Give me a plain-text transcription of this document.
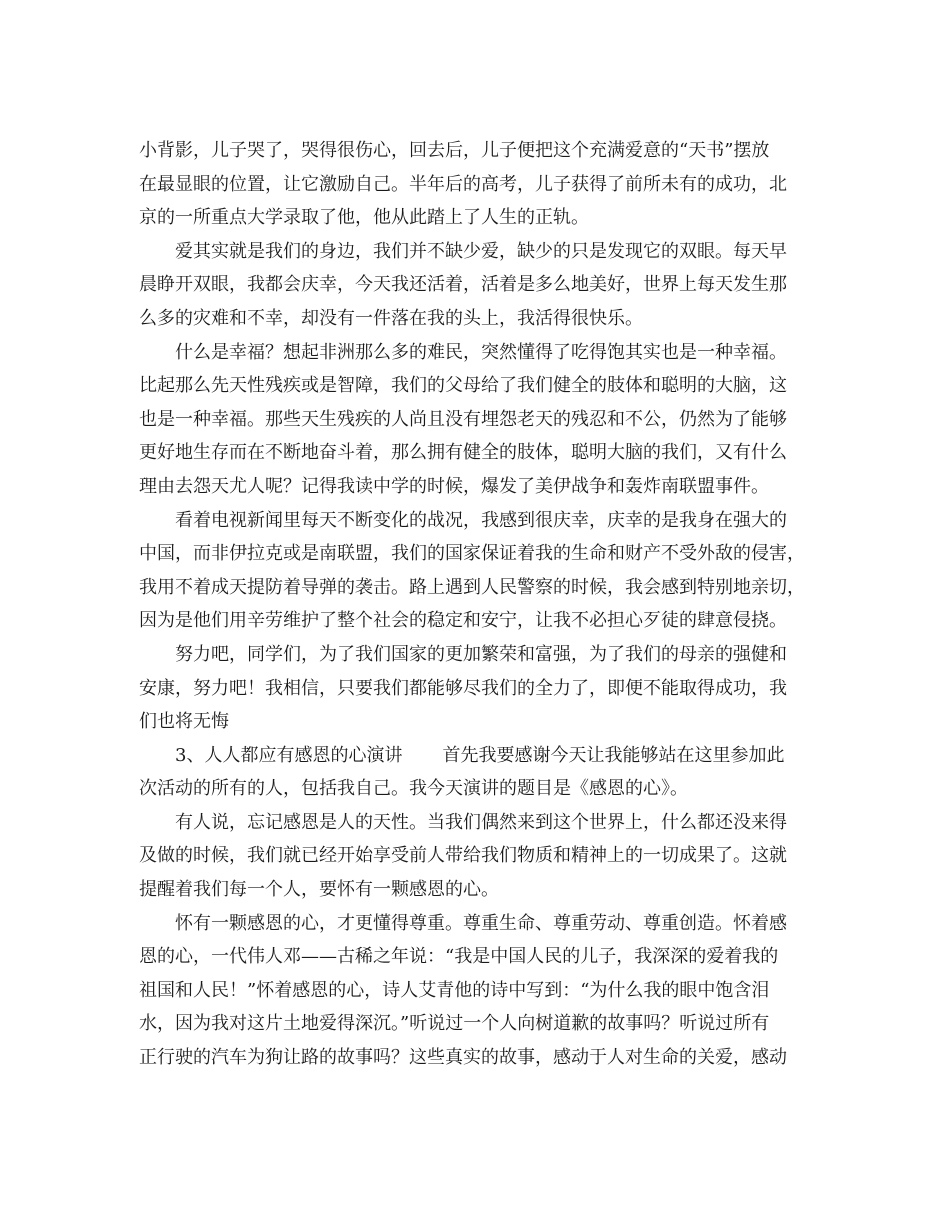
小背影，儿子哭了，哭得很伤心，回去后，儿子便把这个充满爱意的“天书”摆放
在最显眼的位置，让它激励自己。半年后的高考，儿子获得了前所未有的成功，北
京的一所重点大学录取了他，他从此踏上了人生的正轨。

爱其实就是我们的身边，我们并不缺少爱，缺少的只是发现它的双眼。每天早
晨睁开双眼，我都会庆幸，今天我还活着，活着是多么地美好，世界上每天发生那
么多的灾难和不幸，却没有一件落在我的头上，我活得很快乐。

什么是幸福？想起非洲那么多的难民，突然懂得了吃得饱其实也是一种幸福。
比起那么先天性残疾或是智障，我们的父母给了我们健全的肢体和聪明的大脑，这
也是一种幸福。那些天生残疾的人尚且没有埋怨老天的残忍和不公，仍然为了能够
更好地生存而在不断地奋斗着，那么拥有健全的肢体，聪明大脑的我们，又有什么
理由去怨天尤人呢？记得我读中学的时候，爆发了美伊战争和轰炸南联盟事件。

看着电视新闻里每天不断变化的战况，我感到很庆幸，庆幸的是我身在强大的
中国，而非伊拉克或是南联盟，我们的国家保证着我的生命和财产不受外敌的侵害，
我用不着成天提防着导弹的袭击。路上遇到人民警察的时候，我会感到特别地亲切，
因为是他们用辛劳维护了整个社会的稳定和安宁，让我不必担心歹徒的肆意侵挠。

努力吧，同学们，为了我们国家的更加繁荣和富强，为了我们的母亲的强健和
安康，努力吧！我相信，只要我们都能够尽我们的全力了，即便不能取得成功，我
们也将无悔

3、人人都应有感恩的心演讲 首先我要感谢今天让我能够站在这里参加此
次活动的所有的人，包括我自己。我今天演讲的题目是《感恩的心》。

有人说，忘记感恩是人的天性。当我们偶然来到这个世界上，什么都还没来得
及做的时候，我们就已经开始享受前人带给我们物质和精神上的一切成果了。这就
提醒着我们每一个人，要怀有一颗感恩的心。

怀有一颗感恩的心，才更懂得尊重。尊重生命、尊重劳动、尊重创造。怀着感
恩的心，一代伟人邓——古稀之年说：“我是中国人民的儿子，我深深的爱着我的
祖国和人民！”怀着感恩的心，诗人艾青他的诗中写到：“为什么我的眼中饱含泪
水，因为我对这片土地爱得深沉。”听说过一个人向树道歉的故事吗？听说过所有
正行驶的汽车为狗让路的故事吗？这些真实的故事，感动于人对生命的关爱，感动
